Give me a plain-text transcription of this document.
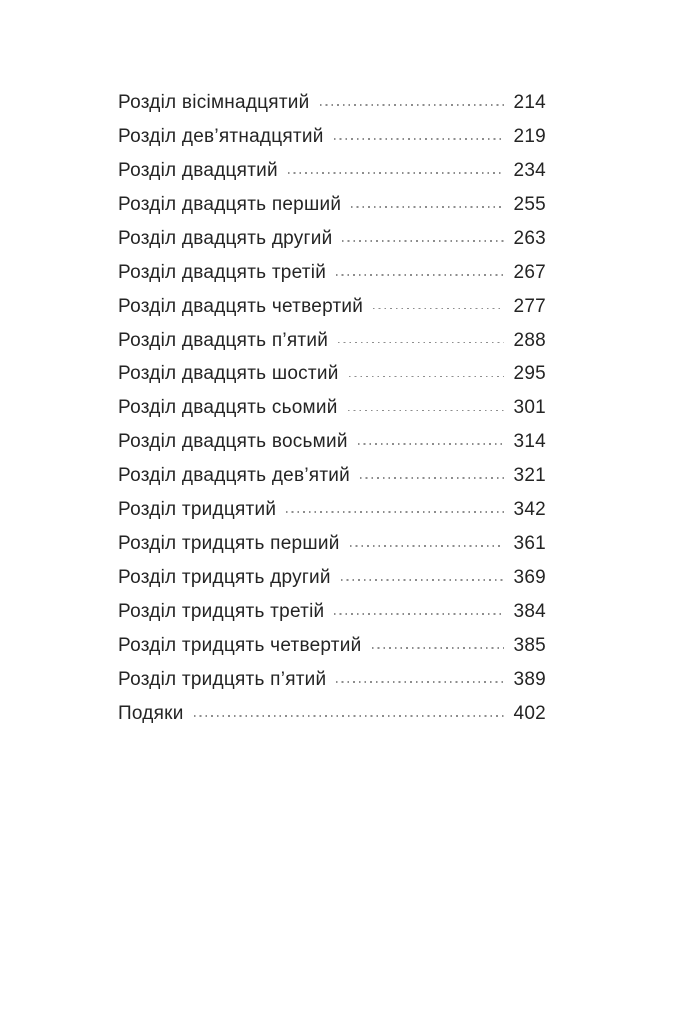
Розділ вісімнадцятий	214
Розділ дев’ятнадцятий	219
Розділ двадцятий	234
Розділ двадцять перший	255
Розділ двадцять другий	263
Розділ двадцять третій	267
Розділ двадцять четвертий	277
Розділ двадцять п’ятий	288
Розділ двадцять шостий	295
Розділ двадцять сьомий	301
Розділ двадцять восьмий	314
Розділ двадцять дев’ятий	321
Розділ тридцятий	342
Розділ тридцять перший	361
Розділ тридцять другий	369
Розділ тридцять третій	384
Розділ тридцять четвертий	385
Розділ тридцять п’ятий	389
Подяки	402
